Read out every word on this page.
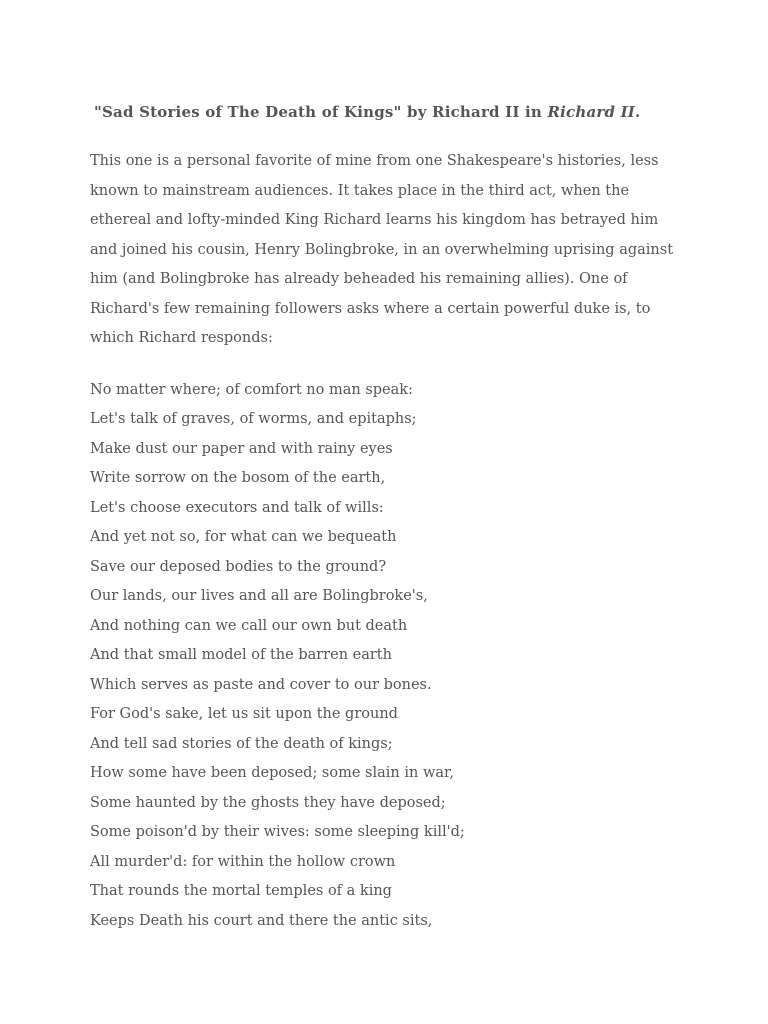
"Sad Stories of The Death of Kings" by Richard II in Richard II.

This one is a personal favorite of mine from one Shakespeare's histories, less known to mainstream audiences. It takes place in the third act, when the ethereal and lofty-minded King Richard learns his kingdom has betrayed him and joined his cousin, Henry Bolingbroke, in an overwhelming uprising against him (and Bolingbroke has already beheaded his remaining allies). One of Richard's few remaining followers asks where a certain powerful duke is, to which Richard responds:

No matter where; of comfort no man speak:
Let's talk of graves, of worms, and epitaphs;
Make dust our paper and with rainy eyes
Write sorrow on the bosom of the earth,
Let's choose executors and talk of wills:
And yet not so, for what can we bequeath
Save our deposed bodies to the ground?
Our lands, our lives and all are Bolingbroke's,
And nothing can we call our own but death
And that small model of the barren earth
Which serves as paste and cover to our bones.
For God's sake, let us sit upon the ground
And tell sad stories of the death of kings;
How some have been deposed; some slain in war,
Some haunted by the ghosts they have deposed;
Some poison'd by their wives: some sleeping kill'd;
All murder'd: for within the hollow crown
That rounds the mortal temples of a king
Keeps Death his court and there the antic sits,
